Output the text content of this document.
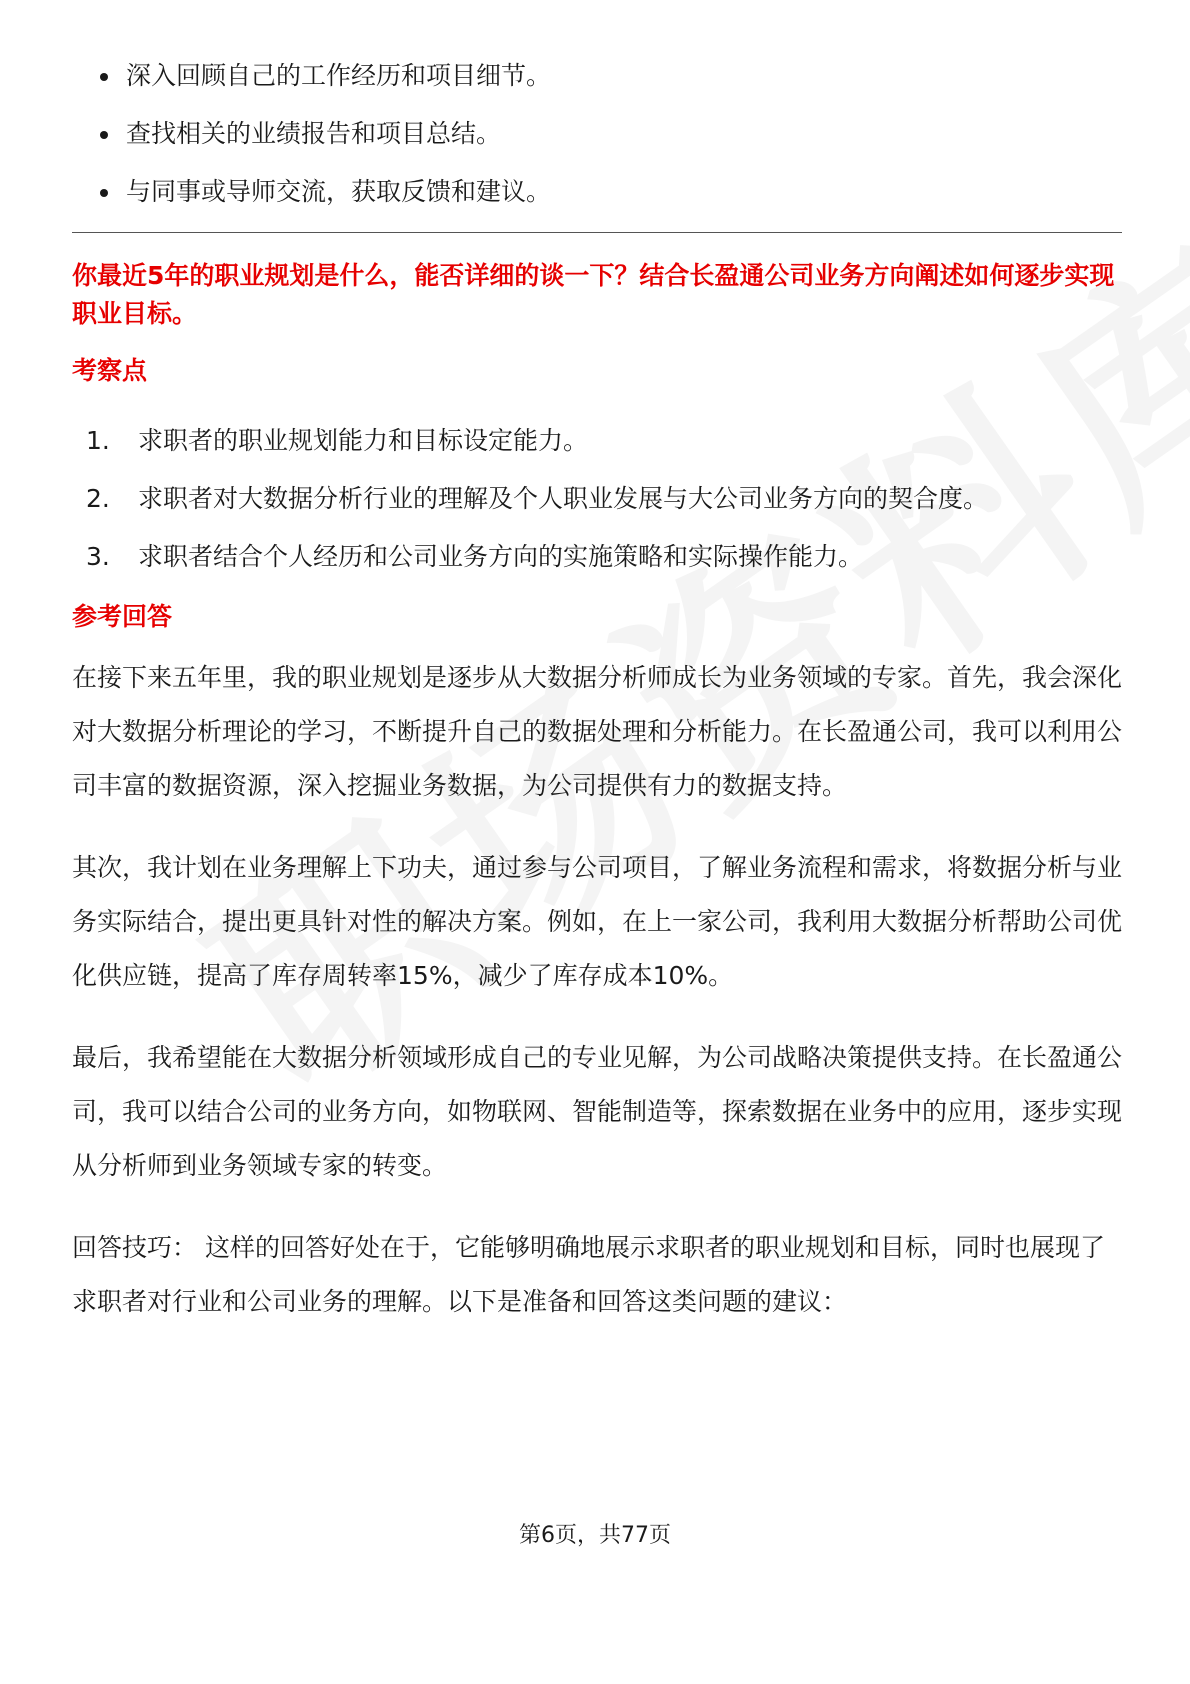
深入回顾自己的工作经历和项目细节。
查找相关的业绩报告和项目总结。
与同事或导师交流，获取反馈和建议。
你最近5年的职业规划是什么，能否详细的谈一下？结合长盈通公司业务方向阐述如何逐步实现职业目标。
考察点
1.	求职者的职业规划能力和目标设定能力。
2.	求职者对大数据分析行业的理解及个人职业发展与大公司业务方向的契合度。
3.	求职者结合个人经历和公司业务方向的实施策略和实际操作能力。
参考回答

在接下来五年里，我的职业规划是逐步从大数据分析师成长为业务领域的专家。首先，我会深化对大数据分析理论的学习，不断提升自己的数据处理和分析能力。在长盈通公司，我可以利用公司丰富的数据资源，深入挖掘业务数据，为公司提供有力的数据支持。

其次，我计划在业务理解上下功夫，通过参与公司项目，了解业务流程和需求，将数据分析与业务实际结合，提出更具针对性的解决方案。例如，在上一家公司，我利用大数据分析帮助公司优化供应链，提高了库存周转率15%，减少了库存成本10%。

最后，我希望能在大数据分析领域形成自己的专业见解，为公司战略决策提供支持。在长盈通公司，我可以结合公司的业务方向，如物联网、智能制造等，探索数据在业务中的应用，逐步实现从分析师到业务领域专家的转变。

回答技巧： 这样的回答好处在于，它能够明确地展示求职者的职业规划和目标，同时也展现了求职者对行业和公司业务的理解。以下是准备和回答这类问题的建议：

第6页，共77页
